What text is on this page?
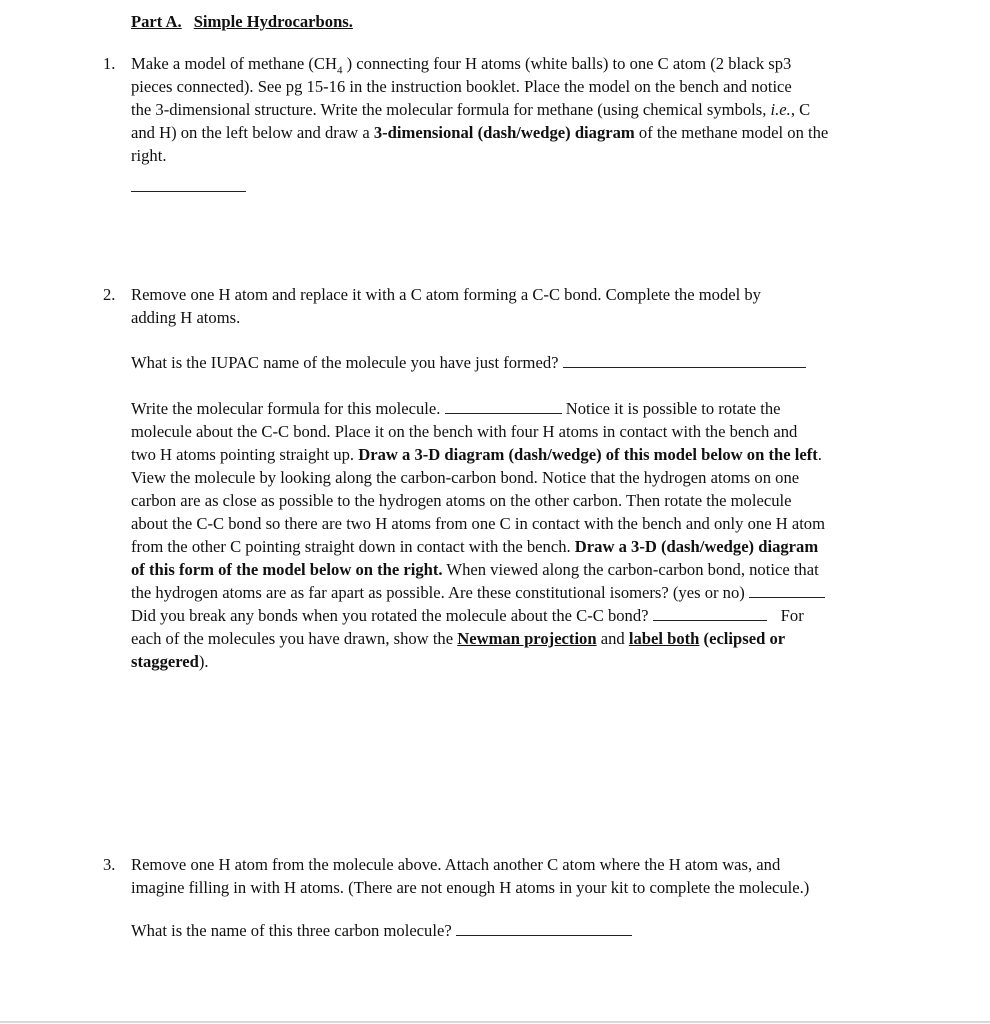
Part A. Simple Hydrocarbons.
1. Make a model of methane ($CH_4$ ) connecting four H atoms (white balls) to one C atom (2 black sp3

pieces connected). See pg 15-16 in the instruction booklet. Place the model on the bench and notice

the 3-dimensional structure. Write the molecular formula for methane (using chemical symbols, i.e., C

and H) on the left below and draw a 3-dimensional (dash/wedge) diagram of the methane model on the

right.

2. Remove one H atom and replace it with a C atom forming a C-C bond. Complete the model by

adding H atoms.

What is the IUPAC name of the molecule you have just formed?

Write the molecular formula for this molecule.	Notice it is possible to rotate the

molecule about the C-C bond. Place it on the bench with four H atoms in contact with the bench and

two H atoms pointing straight up. Draw a 3-D diagram (dash/wedge) of this model below on the left.

View the molecule by looking along the carbon-carbon bond. Notice that the hydrogen atoms on one

carbon are as close as possible to the hydrogen atoms on the other carbon. Then rotate the molecule

about the C-C bond so there are two H atoms from one C in contact with the bench and only one H atom

from the other C pointing straight down in contact with the bench. Draw a 3-D (dash/wedge) diagram

of this form of the model below on the right. When viewed along the carbon-carbon bond, notice that

the hydrogen atoms are as far apart as possible. Are these constitutional isomers? (yes or no)

Did you break any bonds when you rotated the molecule about the C-C bond?	For

each of the molecules you have drawn, show the Newman projection and label both (eclipsed or

staggered).

3. Remove one H atom from the molecule above. Attach another C atom where the H atom was, and

imagine filling in with H atoms. (There are not enough H atoms in your kit to complete the molecule.)

What is the name of this three carbon molecule?
